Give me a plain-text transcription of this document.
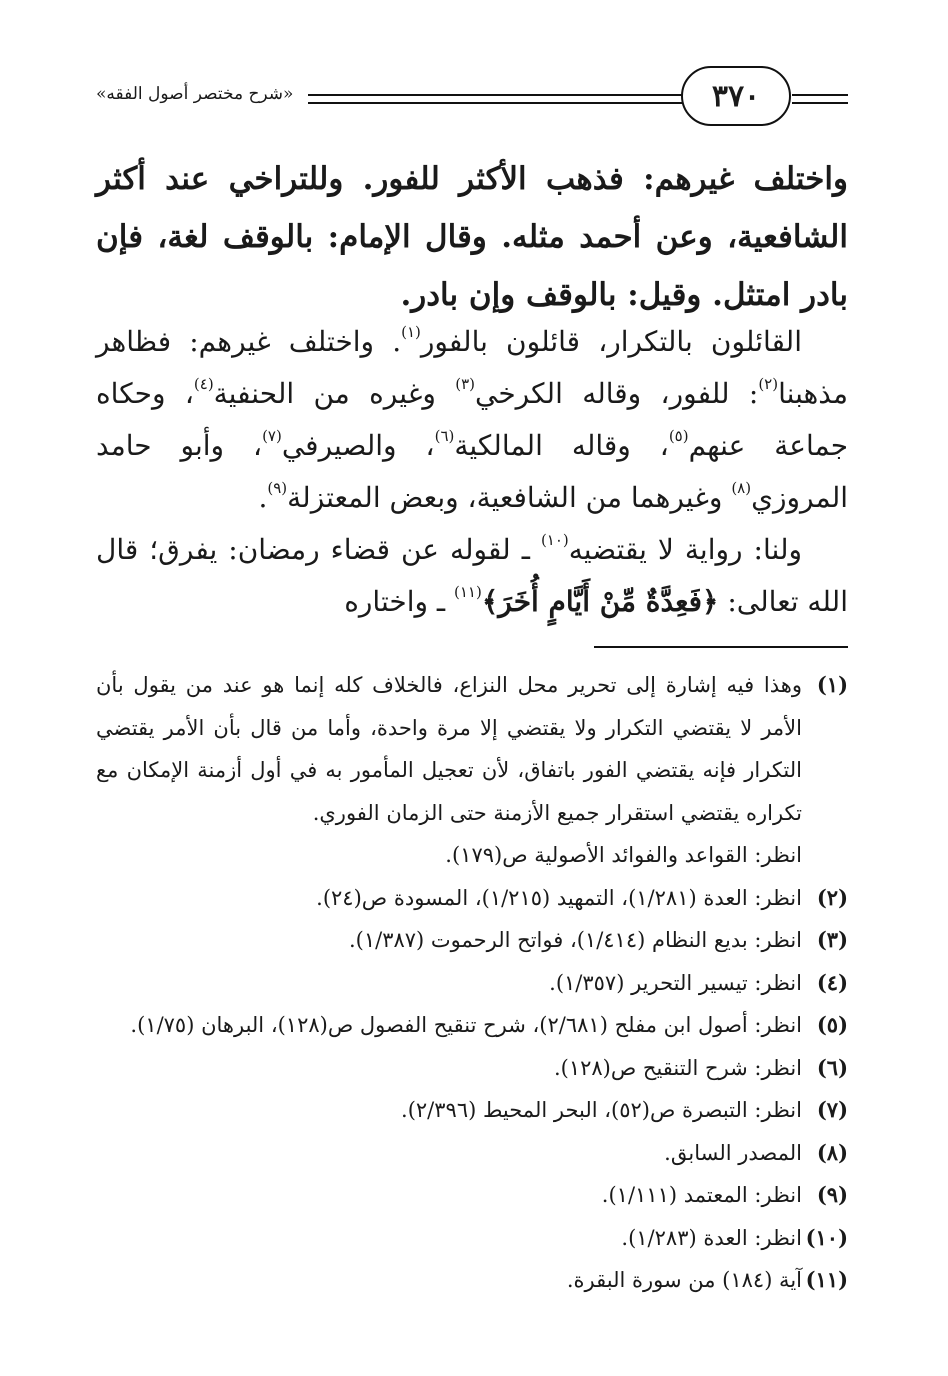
«شرح مختصر أصول الفقه»	٣٧٠

واختلف غيرهم: فذهب الأكثر للفور. وللتراخي عند أكثر الشافعية، وعن أحمد مثله. وقال الإمام: بالوقف لغة، فإن بادر امتثل. وقيل: بالوقف وإن بادر.

القائلون بالتكرار، قائلون بالفور$^{(١)}$. واختلف غيرهم: فظاهر مذهبنا$^{(٢)}$: للفور، وقاله الكرخي$^{(٣)}$ وغيره من الحنفية$^{(٤)}$، وحكاه جماعة عنهم$^{(٥)}$، وقاله المالكية$^{(٦)}$، والصيرفي$^{(٧)}$، وأبو حامد المروزي$^{(٨)}$ وغيرهما من الشافعية، وبعض المعتزلة$^{(٩)}$.

ولنا: رواية لا يقتضيه$^{(١٠)}$ ـ لقوله عن قضاء رمضان: يفرق؛ قال الله تعالى: ﴿فَعِدَّةٌ مِّنْ أَيَّامٍ أُخَرَ﴾$^{(١١)}$ ـ واختاره

(١)
وهذا فيه إشارة إلى تحرير محل النزاع، فالخلاف كله إنما هو عند من يقول بأن الأمر لا يقتضي التكرار ولا يقتضي إلا مرة واحدة، وأما من قال بأن الأمر يقتضي التكرار فإنه يقتضي الفور باتفاق، لأن تعجيل المأمور به في أول أزمنة الإمكان مع تكراره يقتضي استقرار جميع الأزمنة حتى الزمان الفوري.

انظر: القواعد والفوائد الأصولية ص(١٧٩).

(٢)
انظر: العدة (١/٢٨١)، التمهيد (١/٢١٥)، المسودة ص(٢٤).

(٣)
انظر: بديع النظام (١/٤١٤)، فواتح الرحموت (١/٣٨٧).

(٤)
انظر: تيسير التحرير (١/٣٥٧).

(٥)
انظر: أصول ابن مفلح (٢/٦٨١)، شرح تنقيح الفصول ص(١٢٨)، البرهان (١/٧٥).

(٦)
انظر: شرح التنقيح ص(١٢٨).

(٧)
انظر: التبصرة ص(٥٢)، البحر المحيط (٢/٣٩٦).

(٨)
المصدر السابق.

(٩)
انظر: المعتمد (١/١١١).

(١٠)
انظر: العدة (١/٢٨٣).

(١١)
آية (١٨٤) من سورة البقرة.
